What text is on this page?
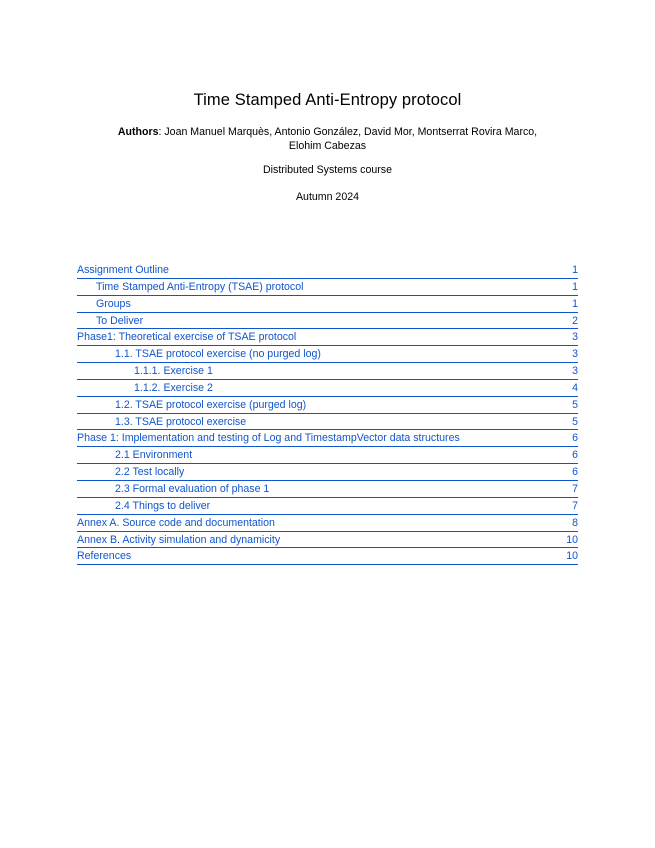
Time Stamped Anti-Entropy protocol
Authors: Joan Manuel Marquès, Antonio González, David Mor, Montserrat Rovira Marco,
Elohim Cabezas
Distributed Systems course
Autumn 2024
Assignment Outline	1
Time Stamped Anti-Entropy (TSAE) protocol	1
Groups	1
To Deliver	2
Phase1: Theoretical exercise of TSAE protocol	3
1.1. TSAE protocol exercise (no purged log)	3
1.1.1. Exercise 1	3
1.1.2. Exercise 2	4
1.2. TSAE protocol exercise (purged log)	5
1.3. TSAE protocol exercise	5
Phase 1: Implementation and testing of Log and TimestampVector data structures	6
2.1 Environment	6
2.2 Test locally	6
2.3 Formal evaluation of phase 1	7
2.4 Things to deliver	7
Annex A. Source code and documentation	8
Annex B. Activity simulation and dynamicity	10
References	10
